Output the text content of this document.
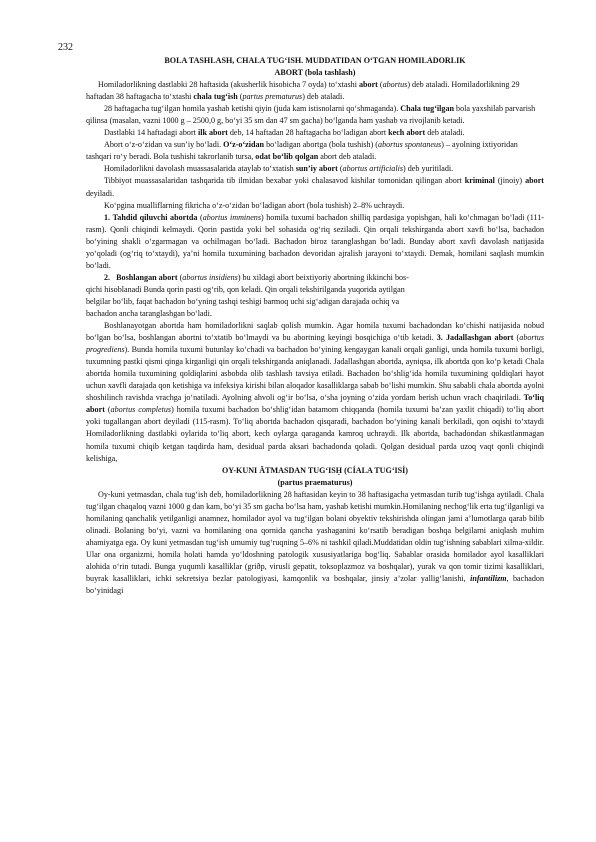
232

BOLA TASHLASH, CHALA TUG‘ISH. MUDDATIDAN O‘TGAN HOMILADORLIK
ABORT (bola tashlash)

Homiladorlikning dastlabki 28 haftasida (akusherlik hisobicha 7 oyda) to‘xtashi abort (abortus) deb ataladi. Homiladorlikning 29 haftadan 38 haftagacha to‘xtashi chala tug‘ish (partus prematurus) deb ataladi.

28 haftagacha tug‘ilgan homila yashab ketishi qiyin (juda kam istisnolarni qo‘shmaganda). Chala tug‘ilgan bola yaxshilab parvarish qilinsa (masalan, vazni 1000 g – 2500,0 g, bo‘yi 35 sm dan 47 sm gacha) bo‘lganda ham yashab va rivojlanib ketadi.

Dastlabki 14 haftadagi abort ilk abort deb, 14 haftadan 28 haftagacha bo‘ladigan abort kech abort deb ataladi.

Abort o‘z-o‘zidan va sun’iy bo‘ladi. O‘z-o‘zidan bo‘ladigan abortga (bola tushish) (abortus spontaneus) – ayolning ixtiyoridan tashqari ro‘y beradi. Bola tushishi takrorlanib tursa, odat bo‘lib qolgan abort deb ataladi.

Homiladorlikni davolash muassasalarida ataylab to‘xtatish sun’iy abort (abortus artificialis) deb yuritiladi.

Tibbiyot muassasalaridan tashqarida tib ilmidan bexabar yoki chalasavod kishilar tomonidan qilingan abort kriminal (jinoiy) abort deyiladi.

Ko‘pgina mualliflarning fikricha o‘z-o‘zidan bo‘ladigan abort (bola tushish) 2–8% uchraydi.

1. Tahdid qiluvchi abortda (abortus imminens) homila tuxumi bachadon shilliq pardasiga yopishgan, hali ko‘chmagan bo‘ladi (111-rasm). Qonli chiqindi kelmaydi. Qorin pastida yoki bel sohasida og‘riq seziladi. Qin orqali tekshirganda abort xavfi bo‘lsa, bachadon bo‘yining shakli o‘zgarmagan va ochilmagan bo‘ladi. Bachadon biroz taranglashgan bo‘ladi. Bunday abort xavfi davolash natijasida yo‘qoladi (og‘riq to‘xtaydi), ya’ni homila tuxumining bachadon devoridan ajralish jarayoni to‘xtaydi. Demak, homilani saqlash mumkin bo‘ladi.

2. Boshlangan abort (abortus insidiens) bu xildagi abort beixtiyoriy abortning ikkinchi bos-
qichi hisoblanadi Bunda qorin pasti og‘rib, qon keladi. Qin orqali tekshirilganda yuqorida aytilgan
belgilar bo‘lib, faqat bachadon bo‘yning tashqi teshigi barmoq uchi sig‘adigan darajada ochiq va
bachadon ancha taranglashgan bo‘ladi.

Boshlanayotgan abortda ham homiladorlikni saqlab qolish mumkin. Agar homila tuxumi bachadondan ko‘chishi natijasida nobud bo‘lgan bo‘lsa, boshlangan abortni to‘xtatib bo‘lmaydi va bu abortning keyingi bosqichiga o‘tib ketadi. 3. Jadallashgan abort (abortus progrediens). Bunda homila tuxumi butunlay ko‘chadi va bachadon bo‘yining kengaygan kanali orqali ganligi, unda homila tuxumi borligi, tuxumning pastki qismi qinga kirganligi qin orqali tekshirganda aniqlanadi. Jadallashgan abortda, ayniqsa, ilk abortda qon ko‘p ketadi Chala abortda homila tuxumining qoldiqlarini asbobda olib tashlash tavsiya etiladi. Bachadon bo‘shlig‘ida homila tuxumining qoldiqlari hayot uchun xavfli darajada qon ketishiga va infeksiya kirishi bilan aloqador kasalliklarga sabab bo‘lishi mumkin. Shu sababli chala abortda ayolni shoshilinch ravishda vrachga jo‘natiladi. Ayolning ahvoli og‘ir bo‘lsa, o‘sha joyning o‘zida yordam berish uchun vrach chaqiriladi. To‘liq abort (abortus completus) homila tuxumi bachadon bo‘shlig‘idan batamom chiqqanda (homila tuxumi ba’zan yaxlit chiqadi) to‘liq abort yoki tugallangan abort deyiladi (115-rasm). To‘liq abortda bachadon qisqaradi, bachadon bo‘yining kanali berkiladi, qon oqishi to‘xtaydi Homiladorlikning dastlabki oylarida to‘liq abort, kech oylarga qaraganda kamroq uchraydi. Ilk abortda, bachadondan shikastlanmagan homila tuxumi chiqib ketgan taqdirda ham, desidual parda aksari bachadonda qoladi. Qolgan desidual parda uzoq vaqt qonli chiqindi kelishiga,

OY-KUNI ÄTMASDAN TUG‘ISḤ (CÍALA TUG‘ISÍ)
(partus praematurus)

Oy-kuni yetmasdan, chala tug‘ish deb, homiladorlikning 28 haftasidan keyin to 38 haftasigacha yetmasdan turib tug‘ishga aytiladi. Chala tug‘ilgan chaqaloq vazni 1000 g dan kam, bo‘yi 35 sm gacha bo‘lsa ham, yashab ketishi mumkin.Homilaning nechog‘lik erta tug‘ilganligi va homilaning qanchalik yetilganligi anamnez, homilador ayol va tug‘ilgan bolani obyektiv tekshirishda olingan jami a’lumotlarga qarab bilib olinadi. Bolaning bo‘yi, vazni va homilaning ona qornida qancha yashaganini ko‘rsatib beradigan boshqa belgilarni aniqlash muhim ahamiyatga ega. Oy kuni yetmasdan tug‘ish umumiy tug‘ruqning 5–6% ni tashkil qiladi.Muddatidan oldin tug‘ishning sabablari xilma-xildir. Ular ona organizmi, homila holati hamda yo‘ldoshning patologik xususiyatlariga bog‘liq. Sabablar orasida homilador ayol kasalliklari alohida o‘rin tutadi. Bunga yuqumli kasalliklar (griðp, virusli gepatit, toksoplazmoz va boshqalar), yurak va qon tomir tizimi kasalliklari, buyrak kasalliklari, ichki sekretsiya bezlar patologiyasi, kamqonlik va boshqalar, jinsiy a’zolar yallig‘lanishi, infantilizm, bachadon bo‘yinidagi
